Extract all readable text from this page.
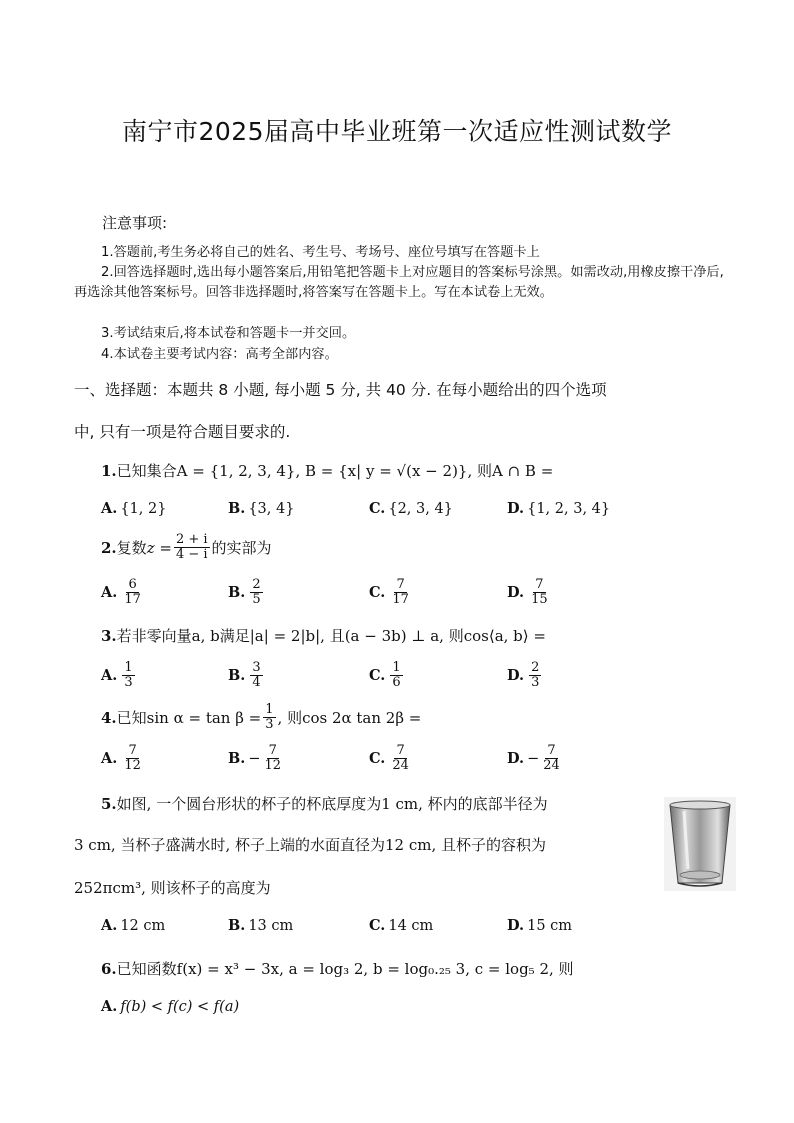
南宁市2025届高中毕业班第一次适应性测试数学
注意事项:
1.答题前,考生务必将自己的姓名、考生号、考场号、座位号填写在答题卡上
2.回答选择题时,选出每小题答案后,用铅笔把答题卡上对应题目的答案标号涂黑。如需改动,用橡皮擦干净后,再选涂其他答案标号。回答非选择题时,将答案写在答题卡上。写在本试卷上无效。
3.考试结束后,将本试卷和答题卡一并交回。
4.本试卷主要考试内容：高考全部内容。
一、选择题：本题共 8 小题, 每小题 5 分, 共 40 分. 在每小题给出的四个选项
中, 只有一项是符合题目要求的.
1.已知集合A = {1, 2, 3, 4}, B = {x| y = √(x − 2)}, 则A ∩ B =
A. {1, 2}	B. {3, 4}	C. {2, 3, 4}	D. {1, 2, 3, 4}
2. 复数 $z = \frac{2 + i}{4 - i}$ 的实部为
A. $\frac{6}{17}$	B. $\frac{2}{5}$	C. $\frac{7}{17}$	D. $\frac{7}{15}$
3.若非零向量a, b满足|a| = 2|b|, 且(a − 3b) ⊥ a, 则cos⟨a, b⟩ =
A. $\frac{1}{3}$	B. $\frac{3}{4}$	C. $\frac{1}{6}$	D. $\frac{2}{3}$
4. 已知$\sin \alpha = \tan \beta = \frac{1}{3}$ , 则cos 2α tan 2β =
A. $\frac{7}{12}$	B. − $\frac{7}{12}$	C. $\frac{7}{24}$	D. − $\frac{7}{24}$
5.如图, 一个圆台形状的杯子的杯底厚度为1 cm, 杯内的底部半径为
3 cm, 当杯子盛满水时, 杯子上端的水面直径为12 cm, 且杯子的容积为
252πcm³, 则该杯子的高度为
A. 12 cm	B. 13 cm	C. 14 cm	D. 15 cm
6.已知函数f(x) = x³ − 3x, a = log₃ 2, b = log₀.₂₅ 3, c = log₅ 2, 则
A. f(b) < f(c) < f(a)
